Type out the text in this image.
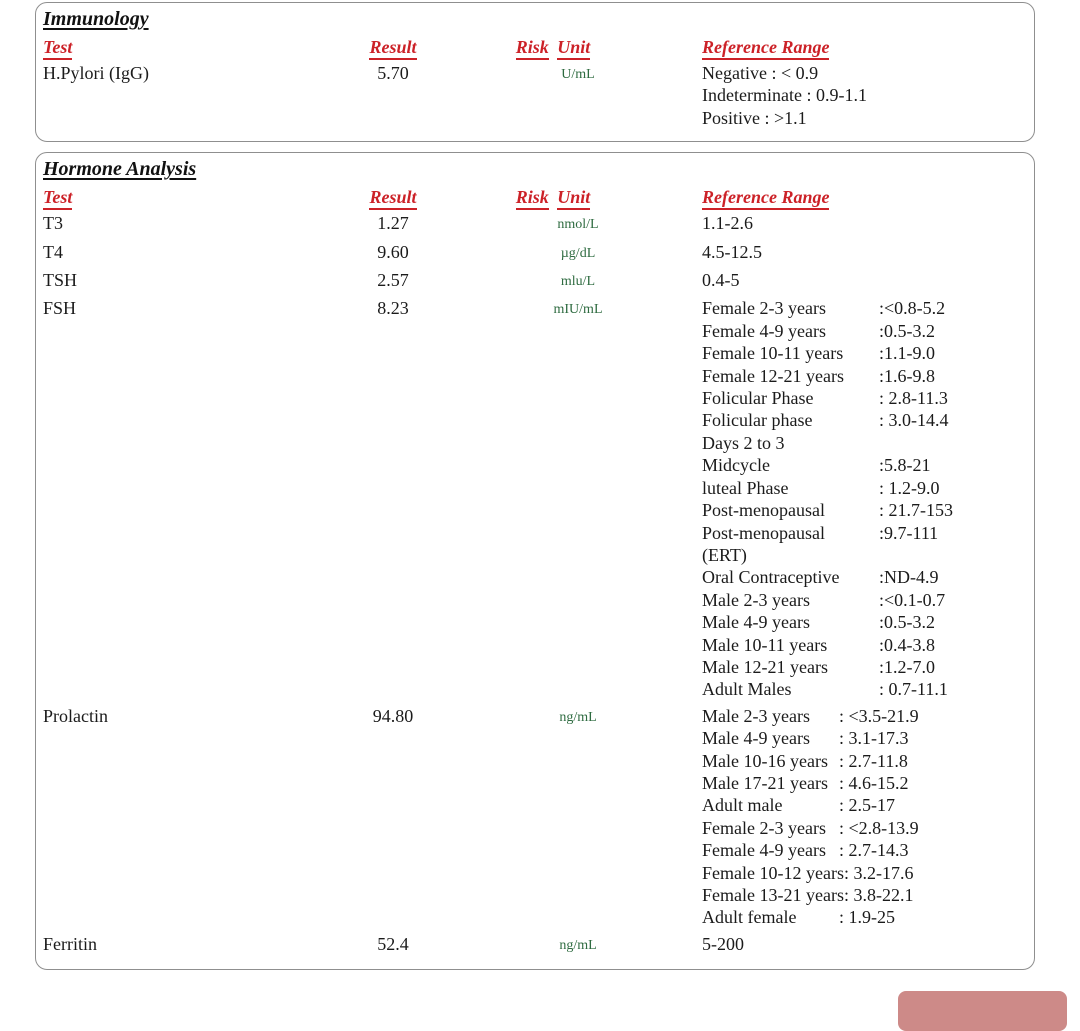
Immunology
Test	Result	Risk Unit	Reference Range
H.Pylori (IgG)	5.70	U/mL	Negative : < 0.9
Indeterminate : 0.9-1.1
Positive : >1.1
Hormone Analysis
Test	Result	Risk Unit	Reference Range
T3	1.27	nmol/L	1.1-2.6
T4	9.60	µg/dL	4.5-12.5
TSH	2.57	mlu/L	0.4-5
FSH	8.23	mIU/mL	Female 2-3 years	:<0.8-5.2
Female 4-9 years	:0.5-3.2
Female 10-11 years :1.1-9.0
Female 12-21 years :1.6-9.8
Folicular Phase	: 2.8-11.3
Folicular phase	: 3.0-14.4
Days 2 to 3
Midcycle	:5.8-21
luteal Phase	: 1.2-9.0
Post-menopausal	: 21.7-153
Post-menopausal	:9.7-111
(ERT)
Oral Contraceptive :ND-4.9
Male 2-3 years	:<0.1-0.7
Male 4-9 years	:0.5-3.2
Male 10-11 years	:0.4-3.8
Male 12-21 years	:1.2-7.0
Adult Males	: 0.7-11.1
Prolactin	94.80	ng/mL	Male 2-3 years : <3.5-21.9
Male 4-9 years : 3.1-17.3
Male 10-16 years : 2.7-11.8
Male 17-21 years : 4.6-15.2
Adult male	: 2.5-17
Female 2-3 years : <2.8-13.9
Female 4-9 years : 2.7-14.3
Female 10-12 years: 3.2-17.6
Female 13-21 years: 3.8-22.1
Adult female : 1.9-25
Ferritin	52.4	ng/mL	5-200
